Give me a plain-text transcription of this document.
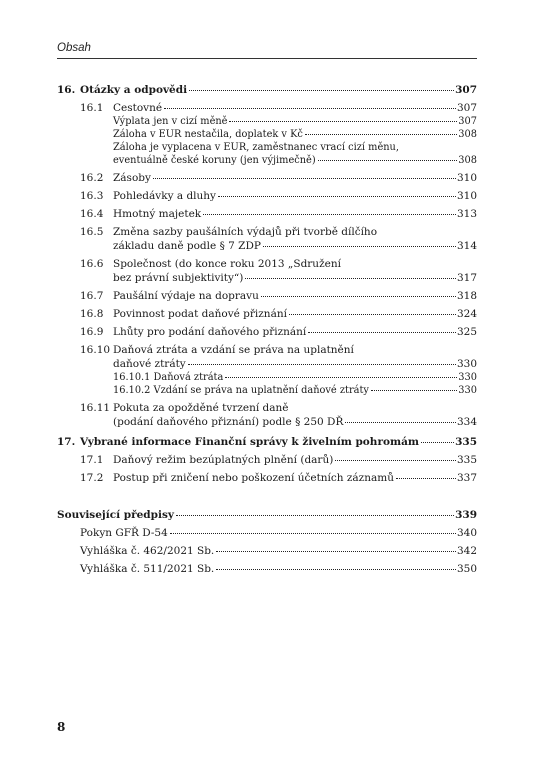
Obsah
16. Otázky a odpovědi	307
16.1 Cestovné	307
Výplata jen v cizí měně	307
Záloha v EUR nestačila, doplatek v Kč	308
Záloha je vyplacena v EUR, zaměstnanec vrací cizí měnu,
eventuálně české koruny (jen výjimečně)	308
16.2 Zásoby	310
16.3 Pohledávky a dluhy	310
16.4 Hmotný majetek	313
16.5 Změna sazby paušálních výdajů při tvorbě dílčího
základu daně podle § 7 ZDP	314
16.6 Společnost (do konce roku 2013 „Sdružení
bez právní subjektivity“)	317
16.7 Paušální výdaje na dopravu	318
16.8 Povinnost podat daňové přiznání	324
16.9 Lhůty pro podání daňového přiznání	325
16.10 Daňová ztráta a vzdání se práva na uplatnění
daňové ztráty	330
16.10.1 Daňová ztráta	330
16.10.2 Vzdání se práva na uplatnění daňové ztráty	330
16.11 Pokuta za opožděné tvrzení daně
(podání daňového přiznání) podle § 250 DŘ	334
17. Vybrané informace Finanční správy k živelním pohromám	335
17.1 Daňový režim bezúplatných plnění (darů)	335
17.2 Postup při zničení nebo poškození účetních záznamů	337
Související předpisy	339
Pokyn GFŘ D-54	340
Vyhláška č. 462/2021 Sb.	342
Vyhláška č. 511/2021 Sb.	350
8
